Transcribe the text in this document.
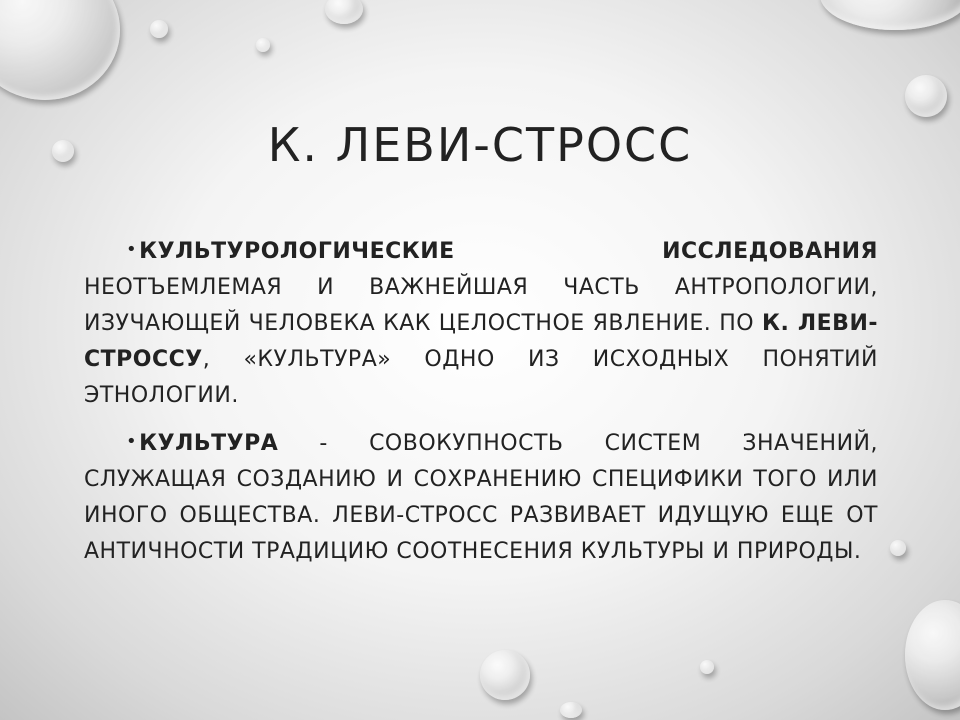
К. ЛЕВИ-СТРОСС

•КУЛЬТУРОЛОГИЧЕСКИЕ ИССЛЕДОВАНИЯ НЕОТЪЕМЛЕМАЯ И ВАЖНЕЙШАЯ ЧАСТЬ АНТРОПОЛОГИИ, ИЗУЧАЮЩЕЙ ЧЕЛОВЕКА КАК ЦЕЛОСТНОЕ ЯВЛЕНИЕ. ПО К. ЛЕВИ-СТРОССУ, «КУЛЬТУРА» ОДНО ИЗ ИСХОДНЫХ ПОНЯТИЙ ЭТНОЛОГИИ.

•КУЛЬТУРА - СОВОКУПНОСТЬ СИСТЕМ ЗНАЧЕНИЙ, СЛУЖАЩАЯ СОЗДАНИЮ И СОХРАНЕНИЮ СПЕЦИФИКИ ТОГО ИЛИ ИНОГО ОБЩЕСТВА. ЛЕВИ-СТРОСС РАЗВИВАЕТ ИДУЩУЮ ЕЩЕ ОТ АНТИЧНОСТИ ТРАДИЦИЮ СООТНЕСЕНИЯ КУЛЬТУРЫ И ПРИРОДЫ.
